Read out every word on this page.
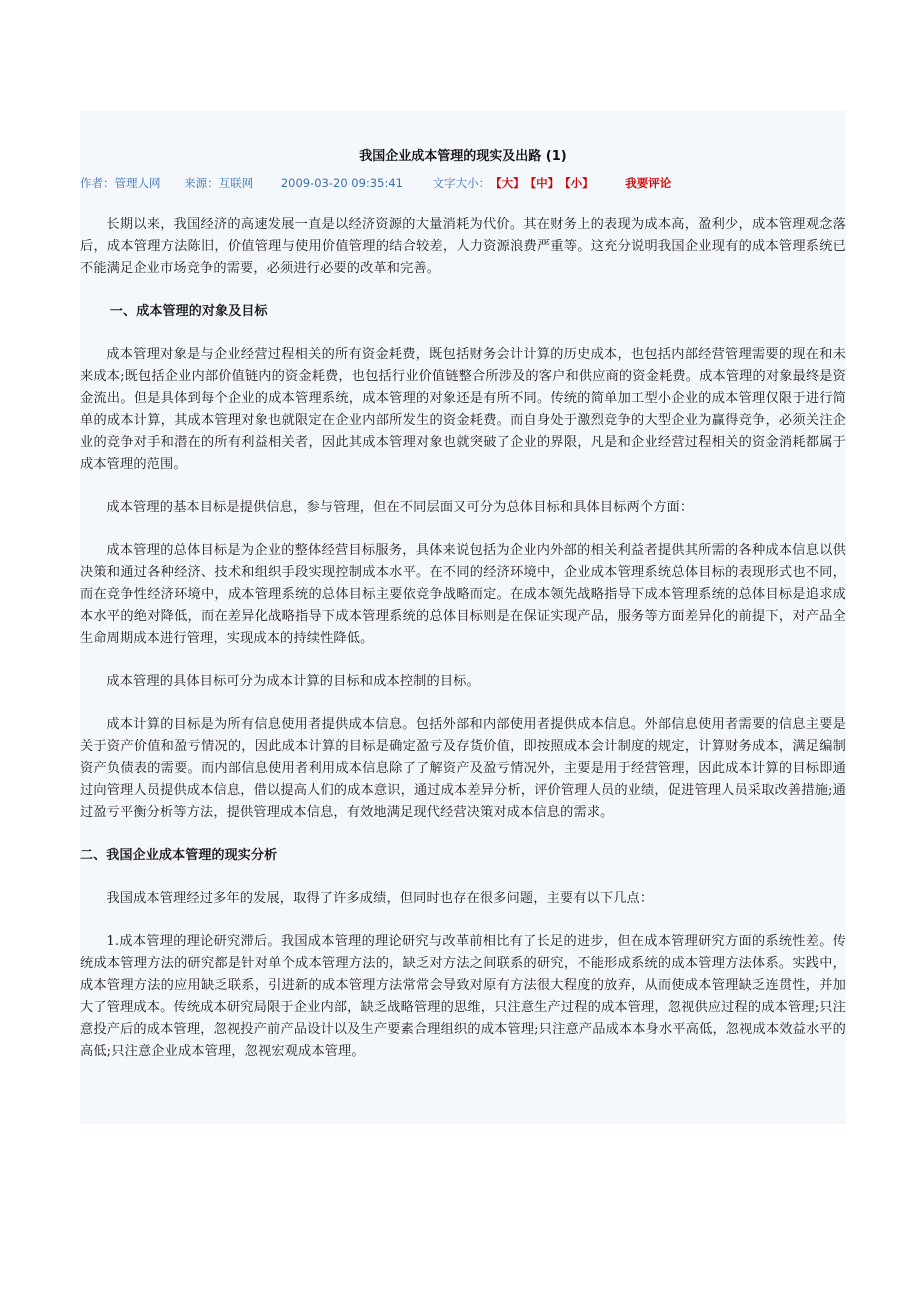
我国企业成本管理的现实及出路 (1)
作者：管理人网 来源：互联网 2009-03-20 09:35:41	文字大小：【大】【中】【小】	我要评论

长期以来，我国经济的高速发展一直是以经济资源的大量消耗为代价。其在财务上的表现为成本高，盈利少，成本管理观念落后，成本管理方法陈旧，价值管理与使用价值管理的结合较差，人力资源浪费严重等。这充分说明我国企业现有的成本管理系统已不能满足企业市场竞争的需要，必须进行必要的改革和完善。

一、成本管理的对象及目标

成本管理对象是与企业经营过程相关的所有资金耗费，既包括财务会计计算的历史成本，也包括内部经营管理需要的现在和未来成本;既包括企业内部价值链内的资金耗费，也包括行业价值链整合所涉及的客户和供应商的资金耗费。成本管理的对象最终是资金流出。但是具体到每个企业的成本管理系统，成本管理的对象还是有所不同。传统的简单加工型小企业的成本管理仅限于进行简单的成本计算，其成本管理对象也就限定在企业内部所发生的资金耗费。而自身处于激烈竞争的大型企业为赢得竞争，必须关注企业的竞争对手和潜在的所有利益相关者，因此其成本管理对象也就突破了企业的界限，凡是和企业经营过程相关的资金消耗都属于成本管理的范围。

成本管理的基本目标是提供信息，参与管理，但在不同层面又可分为总体目标和具体目标两个方面：

成本管理的总体目标是为企业的整体经营目标服务，具体来说包括为企业内外部的相关利益者提供其所需的各种成本信息以供决策和通过各种经济、技术和组织手段实现控制成本水平。在不同的经济环境中，企业成本管理系统总体目标的表现形式也不同，而在竞争性经济环境中，成本管理系统的总体目标主要依竞争战略而定。在成本领先战略指导下成本管理系统的总体目标是追求成本水平的绝对降低，而在差异化战略指导下成本管理系统的总体目标则是在保证实现产品，服务等方面差异化的前提下，对产品全生命周期成本进行管理，实现成本的持续性降低。

成本管理的具体目标可分为成本计算的目标和成本控制的目标。

成本计算的目标是为所有信息使用者提供成本信息。包括外部和内部使用者提供成本信息。外部信息使用者需要的信息主要是关于资产价值和盈亏情况的，因此成本计算的目标是确定盈亏及存货价值，即按照成本会计制度的规定，计算财务成本，满足编制资产负债表的需要。而内部信息使用者利用成本信息除了了解资产及盈亏情况外，主要是用于经营管理，因此成本计算的目标即通过向管理人员提供成本信息，借以提高人们的成本意识，通过成本差异分析，评价管理人员的业绩，促进管理人员采取改善措施;通过盈亏平衡分析等方法，提供管理成本信息，有效地满足现代经营决策对成本信息的需求。

二、我国企业成本管理的现实分析

我国成本管理经过多年的发展，取得了许多成绩，但同时也存在很多问题，主要有以下几点：

1.成本管理的理论研究滞后。我国成本管理的理论研究与改革前相比有了长足的进步，但在成本管理研究方面的系统性差。传统成本管理方法的研究都是针对单个成本管理方法的，缺乏对方法之间联系的研究，不能形成系统的成本管理方法体系。实践中，成本管理方法的应用缺乏联系，引进新的成本管理方法常常会导致对原有方法很大程度的放弃，从而使成本管理缺乏连贯性，并加大了管理成本。传统成本研究局限于企业内部，缺乏战略管理的思维，只注意生产过程的成本管理，忽视供应过程的成本管理;只注意投产后的成本管理，忽视投产前产品设计以及生产要素合理组织的成本管理;只注意产品成本本身水平高低，忽视成本效益水平的高低;只注意企业成本管理，忽视宏观成本管理。
